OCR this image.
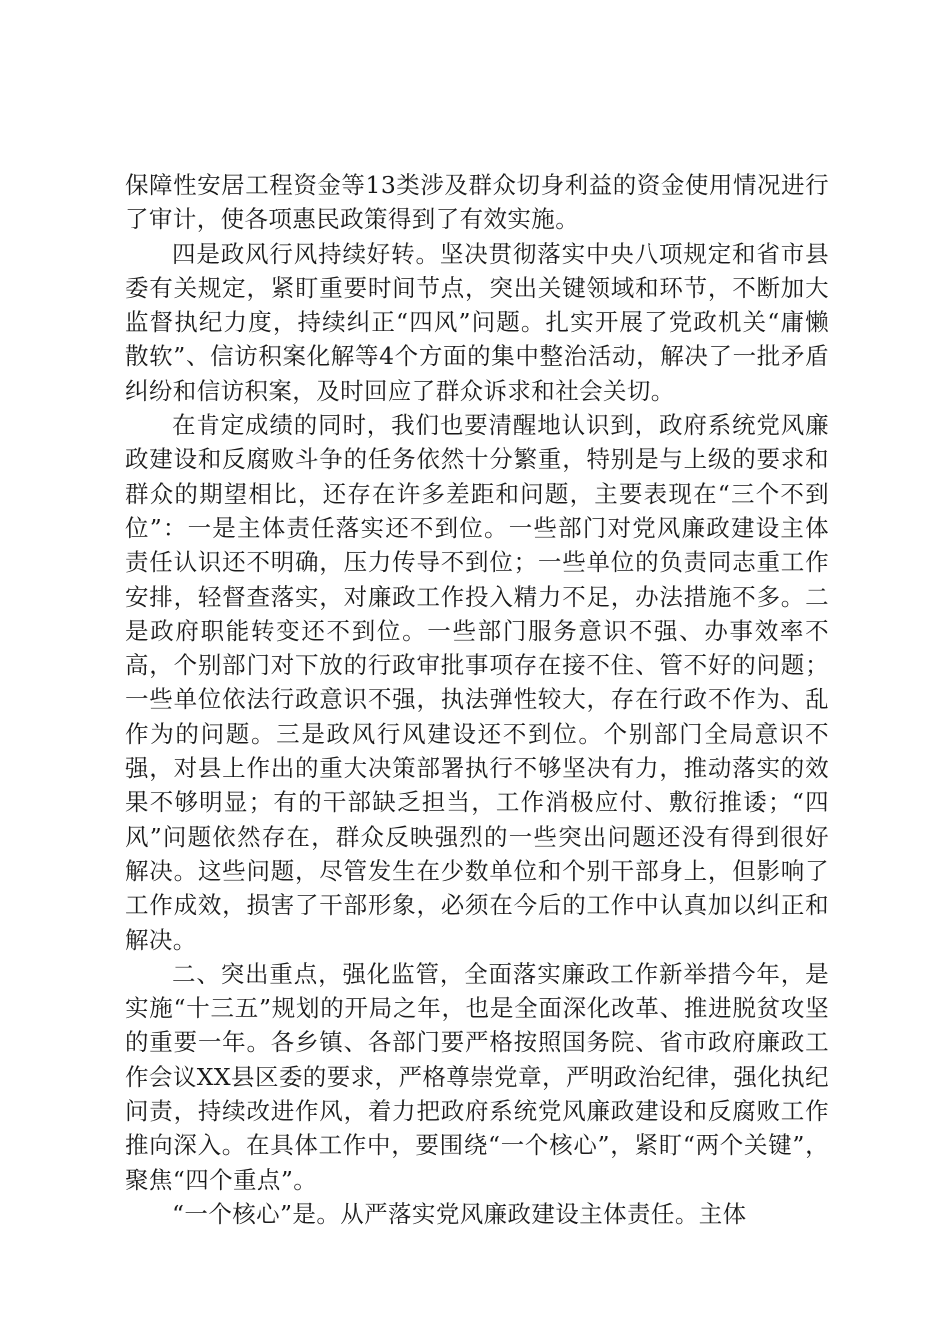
保障性安居工程资金等13类涉及群众切身利益的资金使用情况进行了审计，使各项惠民政策得到了有效实施。

四是政风行风持续好转。坚决贯彻落实中央八项规定和省市县委有关规定，紧盯重要时间节点，突出关键领域和环节，不断加大监督执纪力度，持续纠正“四风”问题。扎实开展了党政机关“庸懒散软”、信访积案化解等4个方面的集中整治活动，解决了一批矛盾纠纷和信访积案，及时回应了群众诉求和社会关切。

在肯定成绩的同时，我们也要清醒地认识到，政府系统党风廉政建设和反腐败斗争的任务依然十分繁重，特别是与上级的要求和群众的期望相比，还存在许多差距和问题，主要表现在“三个不到位”：一是主体责任落实还不到位。一些部门对党风廉政建设主体责任认识还不明确，压力传导不到位；一些单位的负责同志重工作安排，轻督查落实，对廉政工作投入精力不足，办法措施不多。二是政府职能转变还不到位。一些部门服务意识不强、办事效率不高，个别部门对下放的行政审批事项存在接不住、管不好的问题；一些单位依法行政意识不强，执法弹性较大，存在行政不作为、乱作为的问题。三是政风行风建设还不到位。个别部门全局意识不强，对县上作出的重大决策部署执行不够坚决有力，推动落实的效果不够明显；有的干部缺乏担当，工作消极应付、敷衍推诿；“四风”问题依然存在，群众反映强烈的一些突出问题还没有得到很好解决。这些问题，尽管发生在少数单位和个别干部身上，但影响了工作成效，损害了干部形象，必须在今后的工作中认真加以纠正和解决。

二、突出重点，强化监管，全面落实廉政工作新举措今年，是实施“十三五”规划的开局之年，也是全面深化改革、推进脱贫攻坚的重要一年。各乡镇、各部门要严格按照国务院、省市政府廉政工作会议XX县区委的要求，严格尊崇党章，严明政治纪律，强化执纪问责，持续改进作风，着力把政府系统党风廉政建设和反腐败工作推向深入。在具体工作中，要围绕“一个核心”，紧盯“两个关键”，聚焦“四个重点”。

“一个核心”是。从严落实党风廉政建设主体责任。主体
